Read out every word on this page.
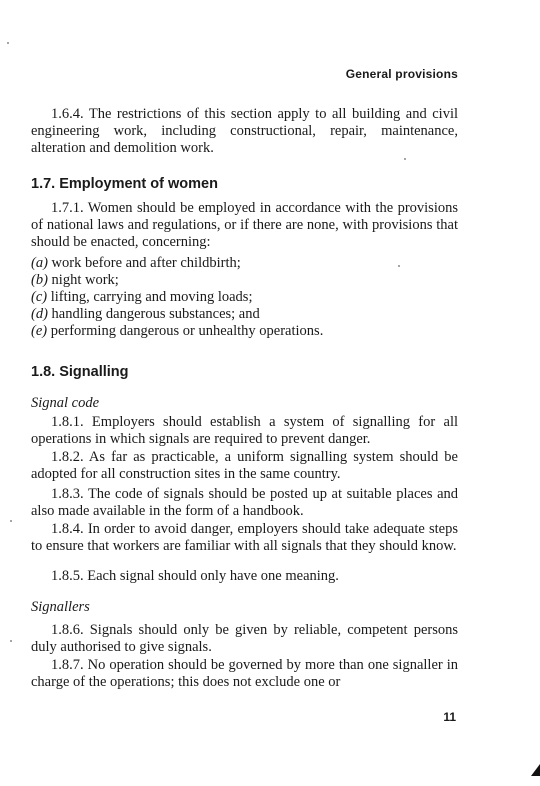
General provisions

1.6.4. The restrictions of this section apply to all building and civil engineering work, including constructional, repair, maintenance, alteration and demolition work.

1.7. Employment of women

1.7.1. Women should be employed in accordance with the provisions of national laws and regulations, or if there are none, with provisions that should be enacted, concerning:

(a) work before and after childbirth;
(b) night work;
(c) lifting, carrying and moving loads;
(d) handling dangerous substances; and
(e) performing dangerous or unhealthy operations.
1.8. Signalling
Signal code

1.8.1. Employers should establish a system of signalling for all operations in which signals are required to prevent danger.

1.8.2. As far as practicable, a uniform signalling system should be adopted for all construction sites in the same country.

1.8.3. The code of signals should be posted up at suitable places and also made available in the form of a handbook.

1.8.4. In order to avoid danger, employers should take adequate steps to ensure that workers are familiar with all signals that they should know.

1.8.5. Each signal should only have one meaning.

Signallers

1.8.6. Signals should only be given by reliable, competent persons duly authorised to give signals.

1.8.7. No operation should be governed by more than one signaller in charge of the operations; this does not exclude one or

11
